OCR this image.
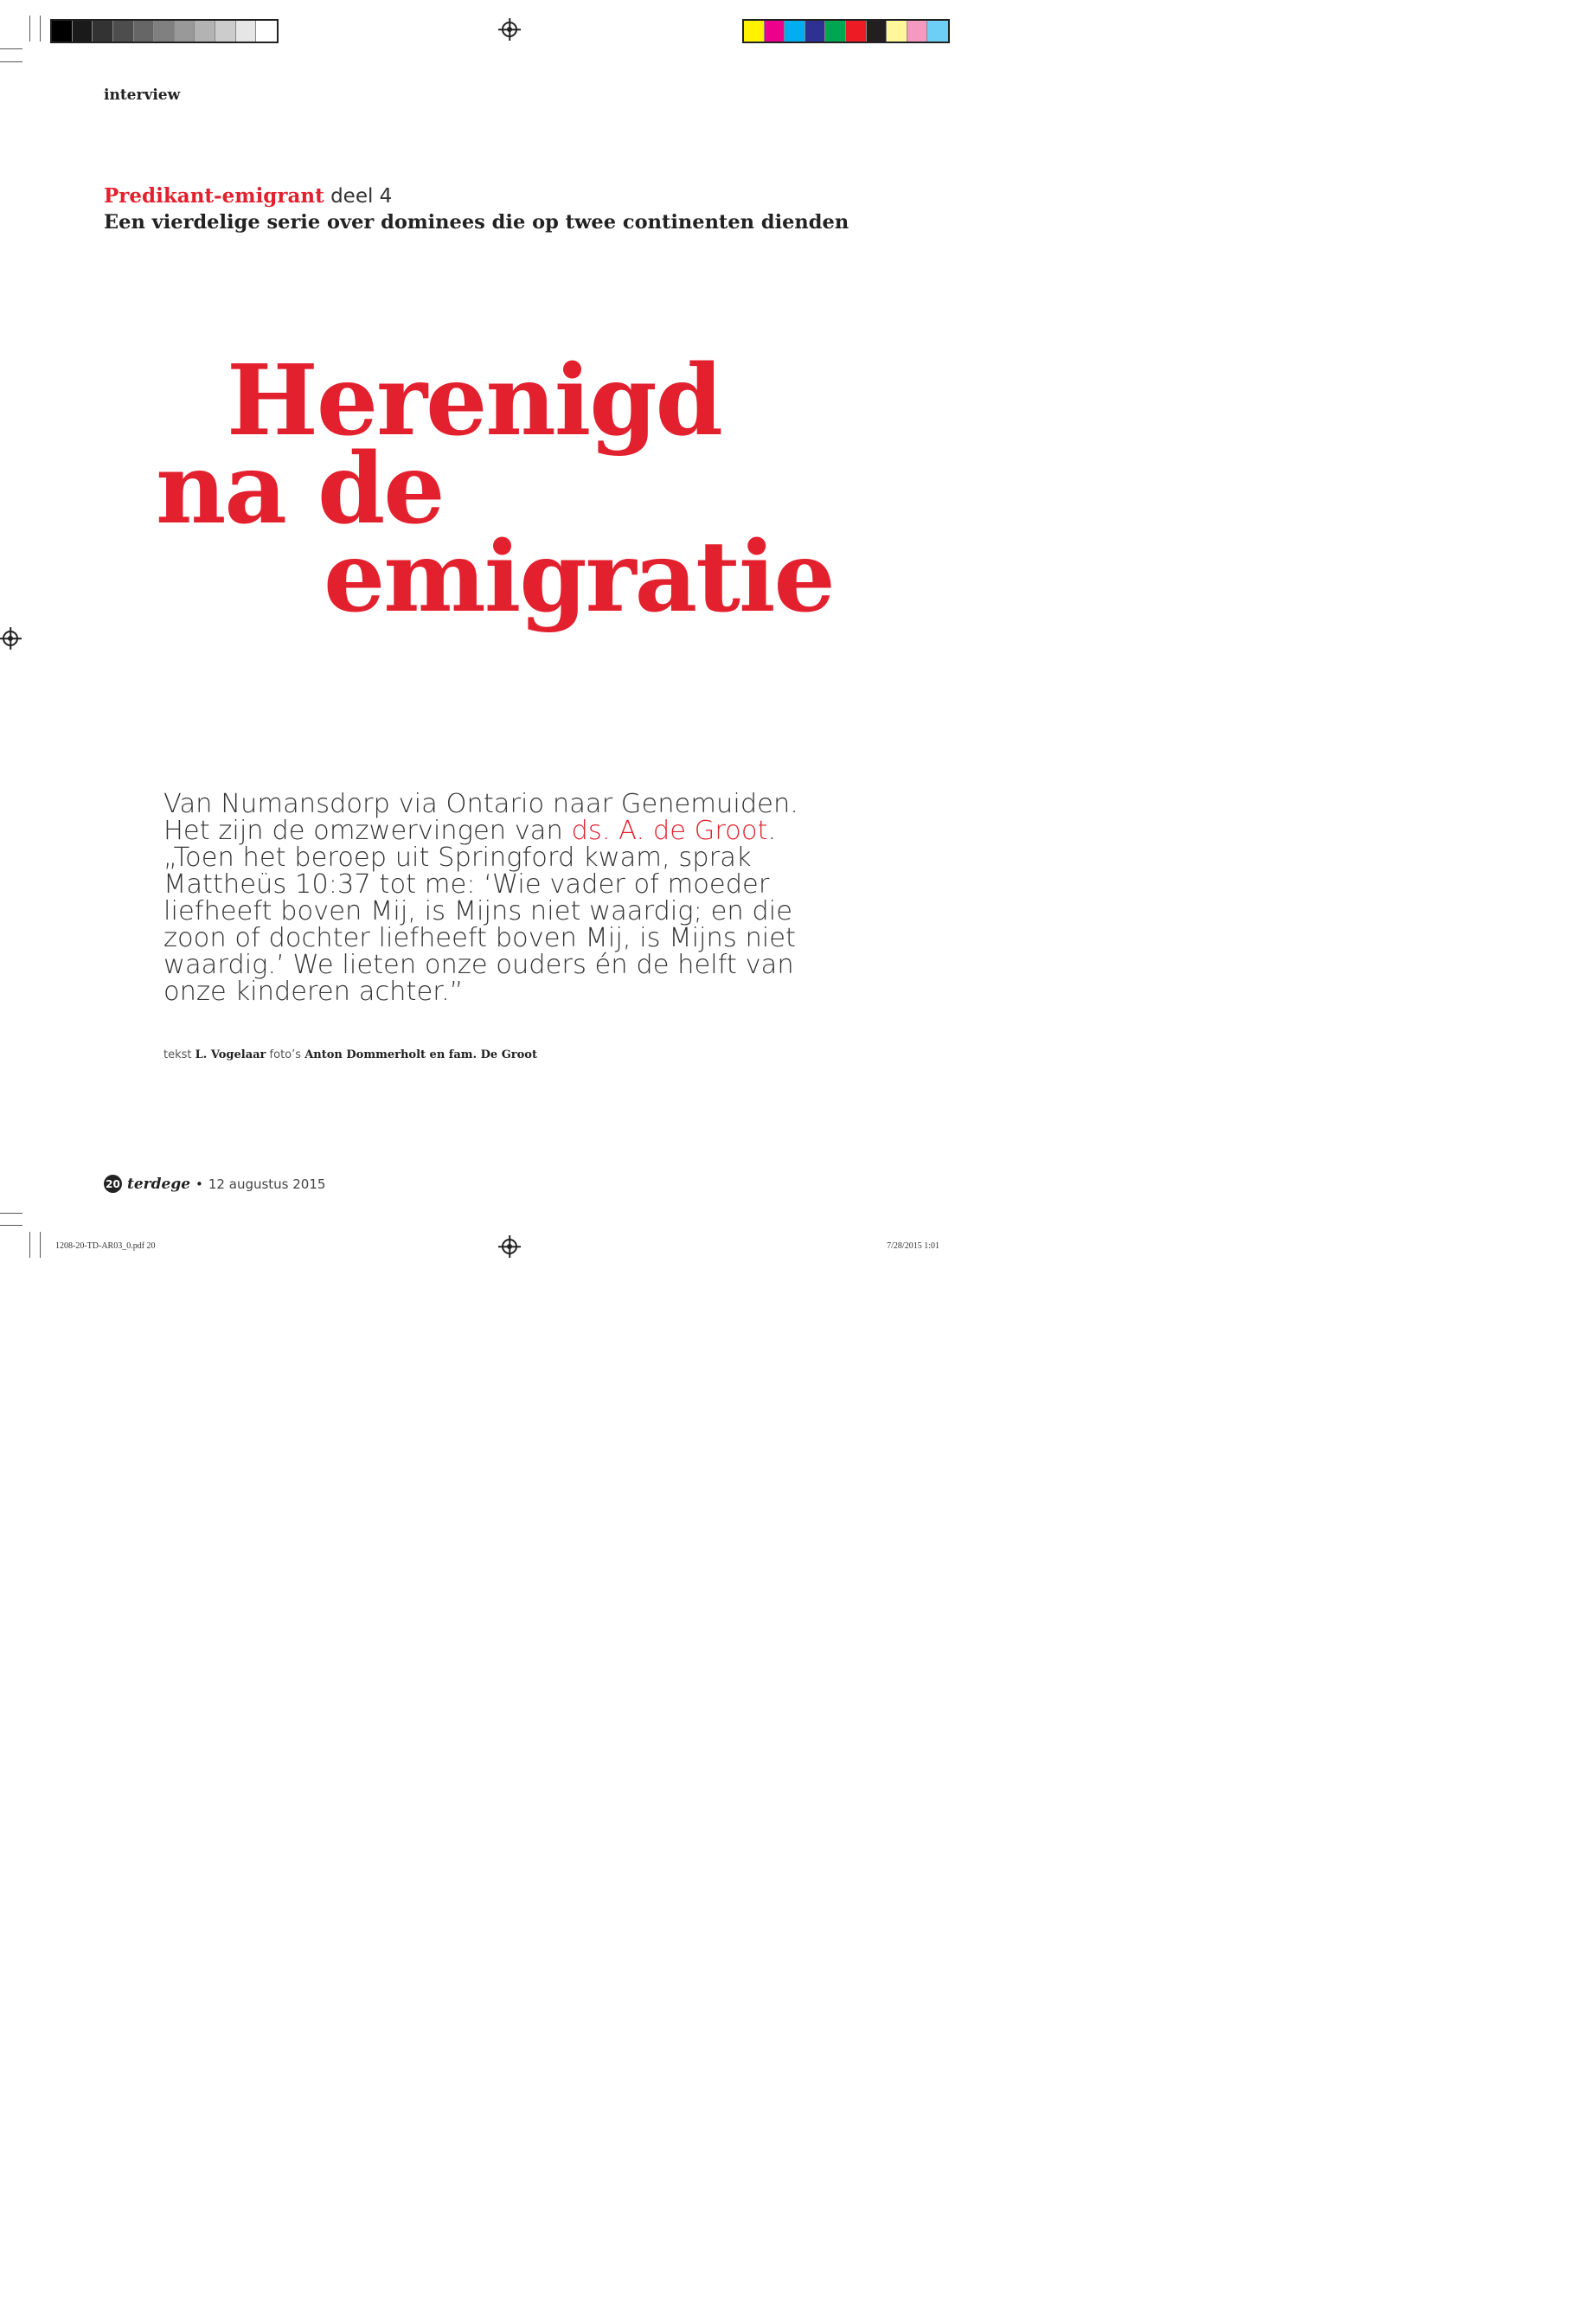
interview
Predikant-emigrant deel 4
Een vierdelige serie over dominees die op twee continenten dienden
Herenigd
na de
emigratie

Van Numansdorp via Ontario naar Genemuiden.

Het zijn de omzwervingen van ds. A. de Groot.

„Toen het beroep uit Springford kwam, sprak

Mattheüs 10:37 tot me: ‘Wie vader of moeder

liefheeft boven Mij, is Mijns niet waardig; en die

zoon of dochter liefheeft boven Mij, is Mijns niet

waardig.’ We lieten onze ouders én de helft van

onze kinderen achter.”

tekst L. Vogelaar foto’s Anton Dommerholt en fam. De Groot
20 terdege • 12 augustus 2015
1208-20-TD-AR03_0.pdf 20	7/28/2015 1:01
